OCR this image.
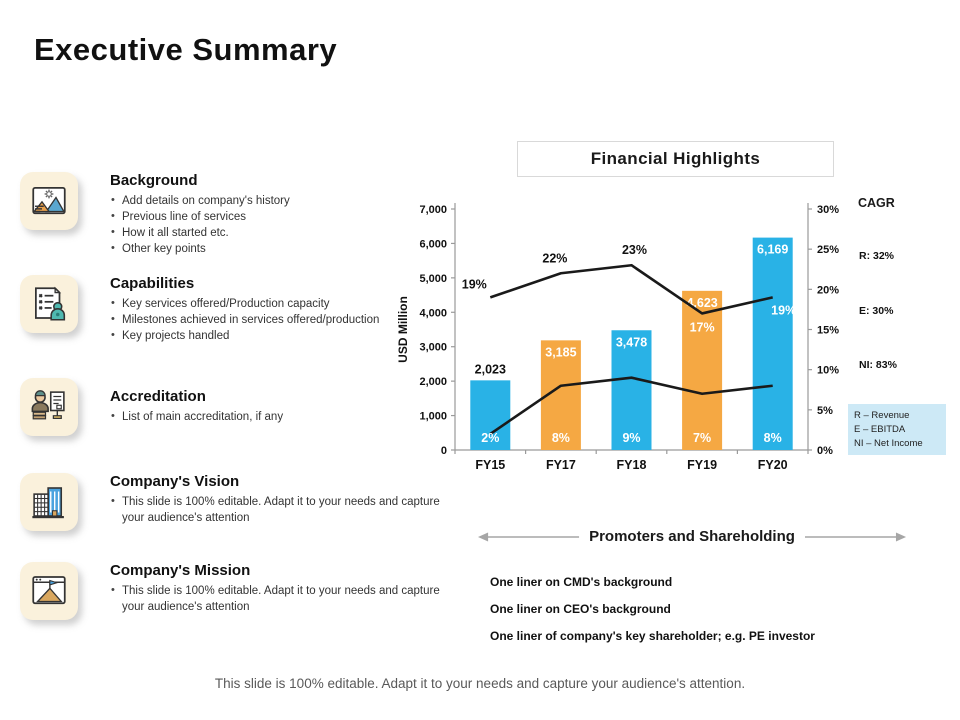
Executive Summary
Background
• Add details on company's history
• Previous line of services
• How it all started etc.
• Other key points
Capabilities
• Key services offered/Production capacity
• Milestones achieved in services offered/production
• Key projects handled
Accreditation
• List of main accreditation, if any
Company's Vision
• This slide is 100% editable. Adapt it to your needs and capture your audience's attention
Company's Mission
• This slide is 100% editable. Adapt it to your needs and capture your audience's attention
Financial Highlights
0
1,000
2,000
3,000
4,000
5,000
6,000
7,000
0%
5%
10%
15%
20%
25%
30%
FY15	FY17	FY18	FY19	FY20
USD Million
2,023
3,185
3,478
4,623
6,169
19%
22%
23%
17%
19%
2%	8%	9%	7%	8%
CAGR
R: 32%
E: 30%
NI: 83%
R – Revenue
E – EBITDA
NI – Net Income
Promoters and Shareholding
One liner on CMD's background
One liner on CEO's background
One liner of company's key shareholder; e.g. PE investor
This slide is 100% editable. Adapt it to your needs and capture your audience's attention.
